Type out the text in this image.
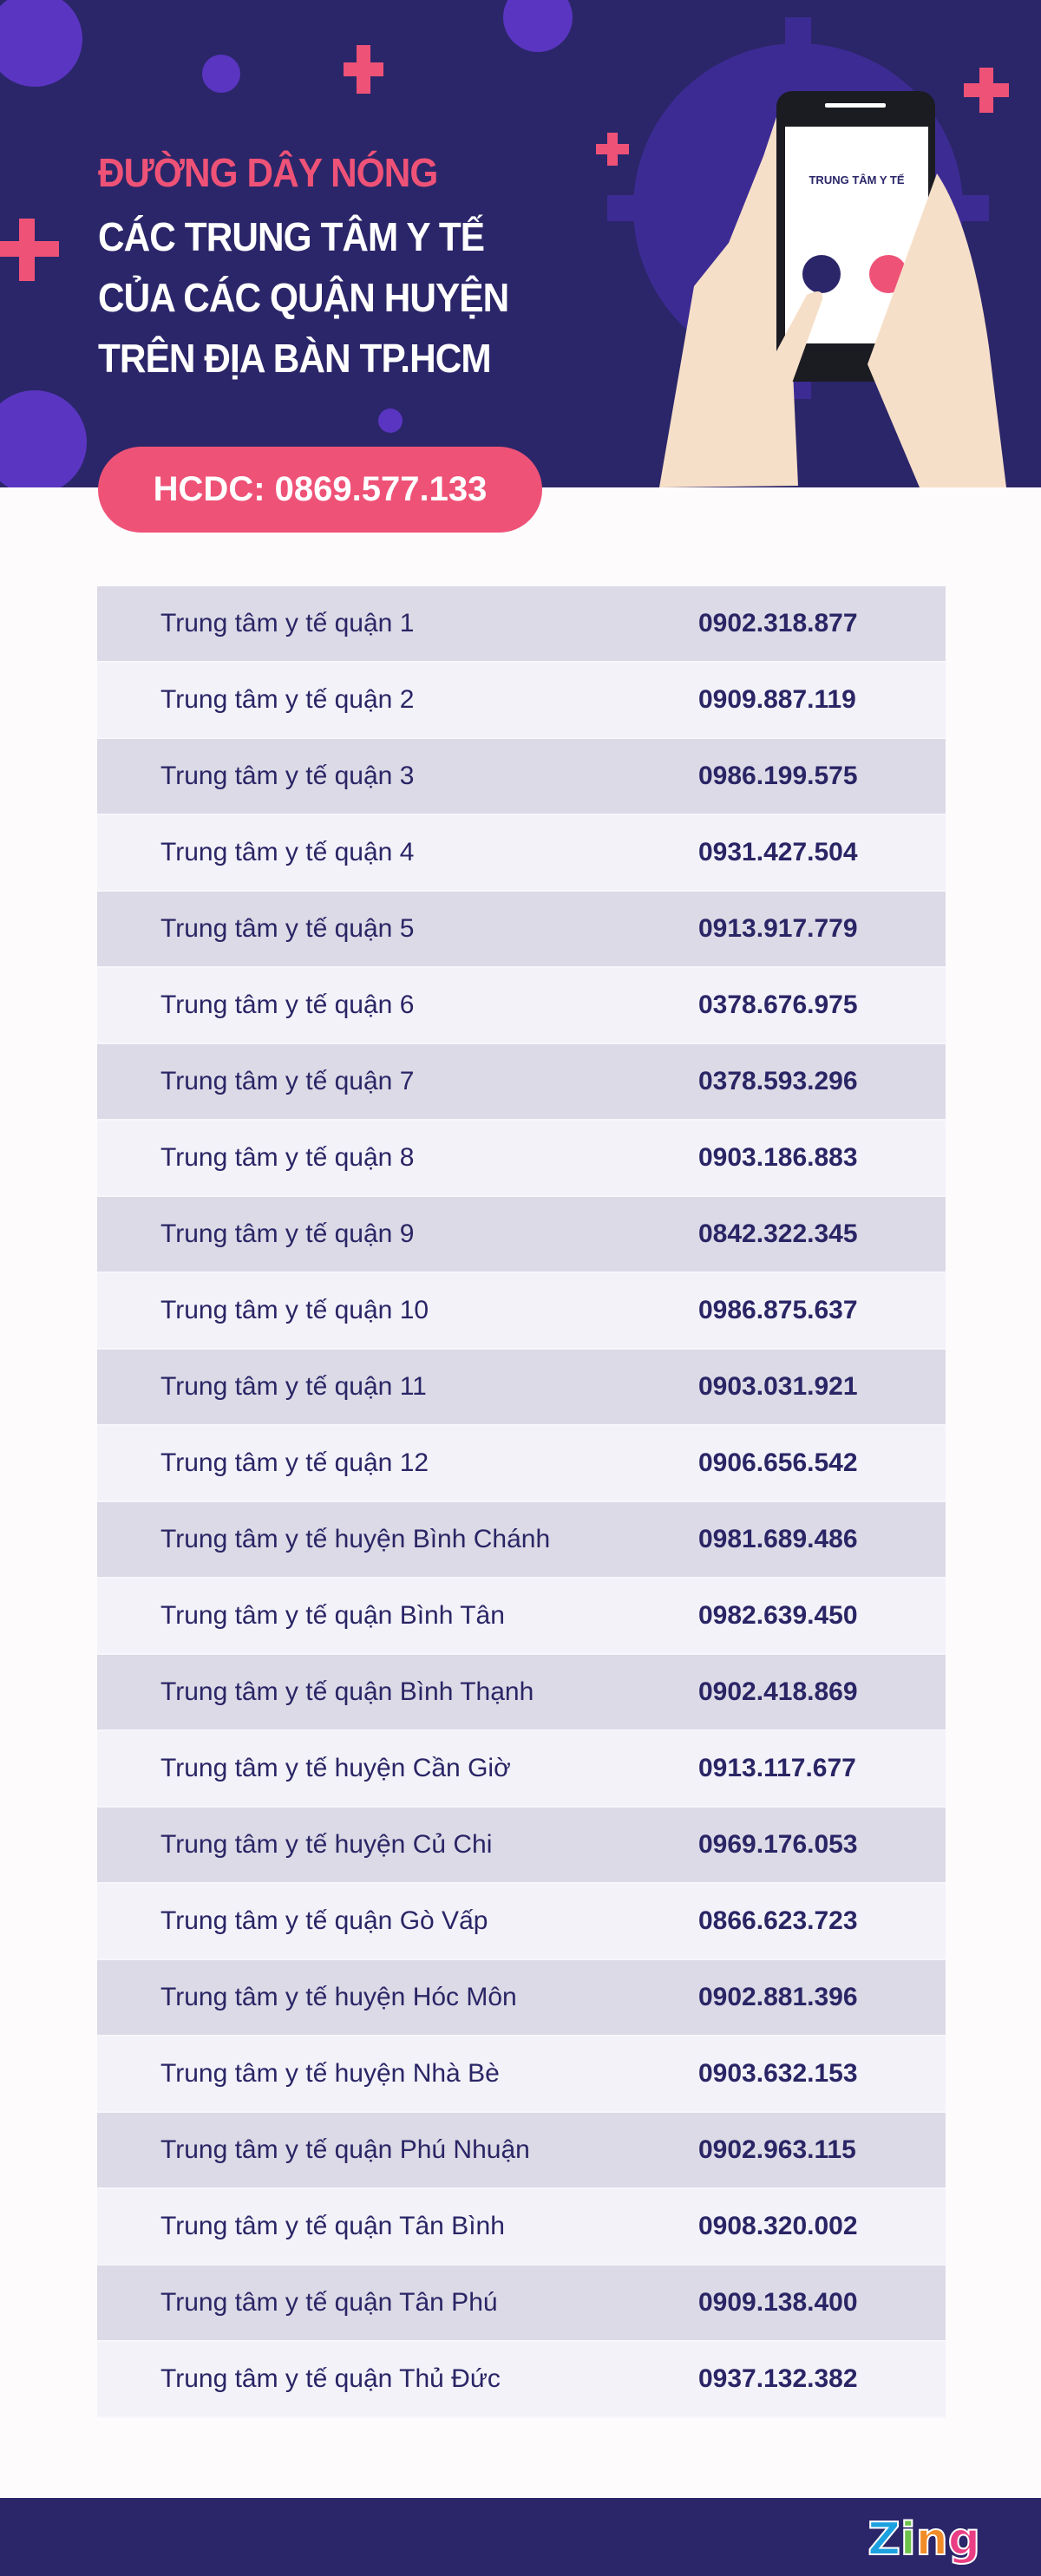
TRUNG TÂM Y TẾ
ĐƯỜNG DÂY NÓNG
CÁC TRUNG TÂM Y TẾ
CỦA CÁC QUẬN HUYỆN
TRÊN ĐỊA BÀN TP.HCM
HCDC: 0869.577.133
Trung tâm y tế quận 1	0902.318.877
Trung tâm y tế quận 2	0909.887.119
Trung tâm y tế quận 3	0986.199.575
Trung tâm y tế quận 4	0931.427.504
Trung tâm y tế quận 5	0913.917.779
Trung tâm y tế quận 6	0378.676.975
Trung tâm y tế quận 7	0378.593.296
Trung tâm y tế quận 8	0903.186.883
Trung tâm y tế quận 9	0842.322.345
Trung tâm y tế quận 10	0986.875.637
Trung tâm y tế quận 11	0903.031.921
Trung tâm y tế quận 12	0906.656.542
Trung tâm y tế huyện Bình Chánh	0981.689.486
Trung tâm y tế quận Bình Tân	0982.639.450
Trung tâm y tế quận Bình Thạnh	0902.418.869
Trung tâm y tế huyện Cần Giờ	0913.117.677
Trung tâm y tế huyện Củ Chi	0969.176.053
Trung tâm y tế quận Gò Vấp	0866.623.723
Trung tâm y tế huyện Hóc Môn	0902.881.396
Trung tâm y tế huyện Nhà Bè	0903.632.153
Trung tâm y tế quận Phú Nhuận	0902.963.115
Trung tâm y tế quận Tân Bình	0908.320.002
Trung tâm y tế quận Tân Phú	0909.138.400
Trung tâm y tế quận Thủ Đức	0937.132.382
Zing
